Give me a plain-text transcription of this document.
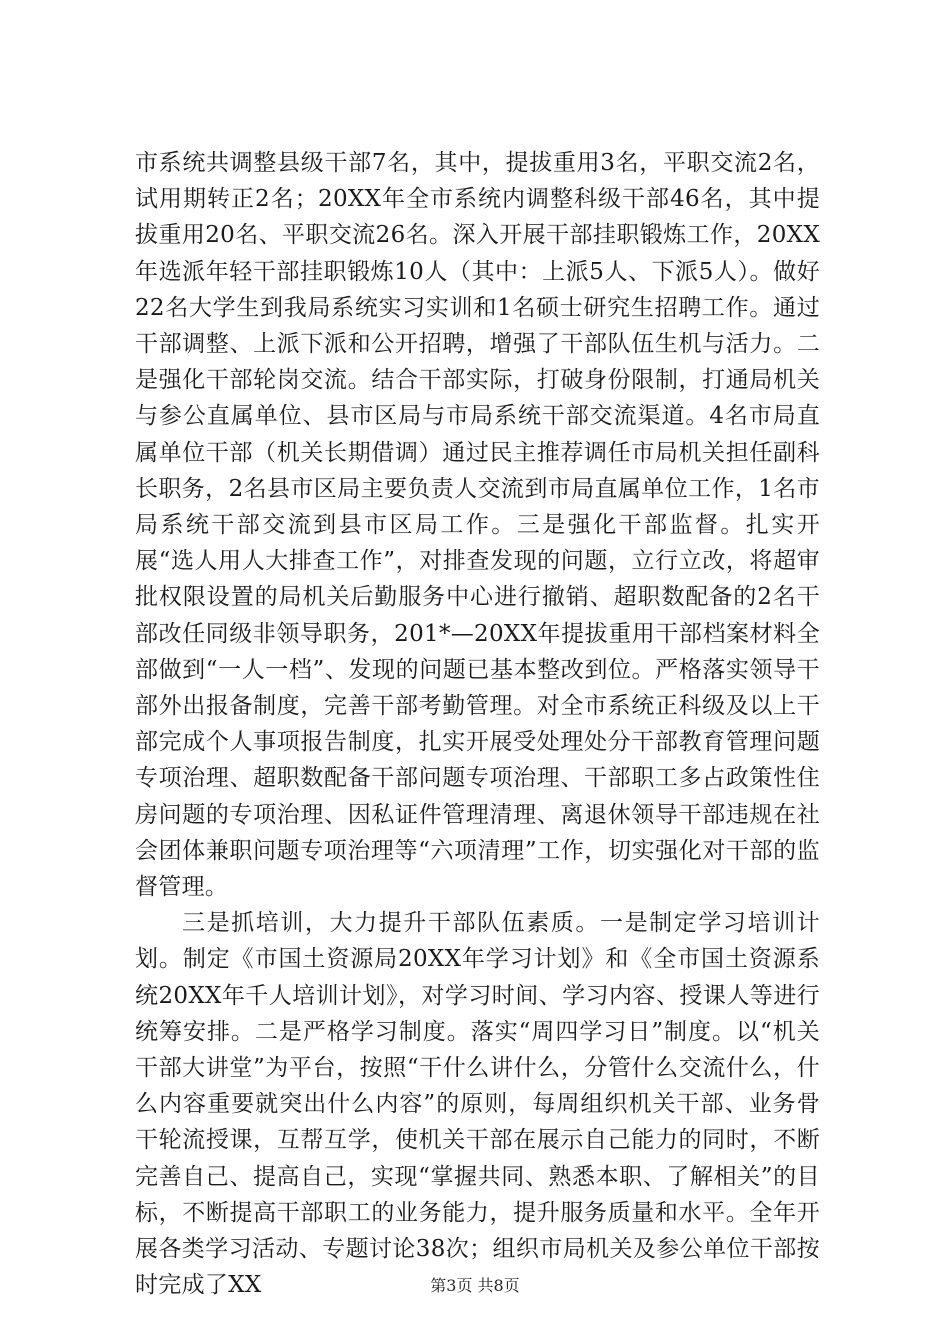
市系统共调整县级干部7名，其中，提拔重用3名，平职交流2名，试用期转正2名；20XX年全市系统内调整科级干部46名，其中提拔重用20名、平职交流26名。深入开展干部挂职锻炼工作，20XX年选派年轻干部挂职锻炼10人（其中：上派5人、下派5人）。做好22名大学生到我局系统实习实训和1名硕士研究生招聘工作。通过干部调整、上派下派和公开招聘，增强了干部队伍生机与活力。二是强化干部轮岗交流。结合干部实际，打破身份限制，打通局机关与参公直属单位、县市区局与市局系统干部交流渠道。4名市局直属单位干部（机关长期借调）通过民主推荐调任市局机关担任副科长职务，2名县市区局主要负责人交流到市局直属单位工作，1名市局系统干部交流到县市区局工作。三是强化干部监督。扎实开展“选人用人大排查工作”，对排查发现的问题，立行立改，将超审批权限设置的局机关后勤服务中心进行撤销、超职数配备的2名干部改任同级非领导职务，201*—20XX年提拔重用干部档案材料全部做到“一人一档”、发现的问题已基本整改到位。严格落实领导干部外出报备制度，完善干部考勤管理。对全市系统正科级及以上干部完成个人事项报告制度，扎实开展受处理处分干部教育管理问题专项治理、超职数配备干部问题专项治理、干部职工多占政策性住房问题的专项治理、因私证件管理清理、离退休领导干部违规在社会团体兼职问题专项治理等“六项清理”工作，切实强化对干部的监督管理。

三是抓培训，大力提升干部队伍素质。一是制定学习培训计划。制定《市国土资源局20XX年学习计划》和《全市国土资源系统20XX年千人培训计划》，对学习时间、学习内容、授课人等进行统筹安排。二是严格学习制度。落实“周四学习日”制度。以“机关干部大讲堂”为平台，按照“干什么讲什么，分管什么交流什么，什么内容重要就突出什么内容”的原则，每周组织机关干部、业务骨干轮流授课，互帮互学，使机关干部在展示自己能力的同时，不断完善自己、提高自己，实现“掌握共同、熟悉本职、了解相关”的目标，不断提高干部职工的业务能力，提升服务质量和水平。全年开展各类学习活动、专题讨论38次；组织市局机关及参公单位干部按时完成了XX	第3页 共8页
